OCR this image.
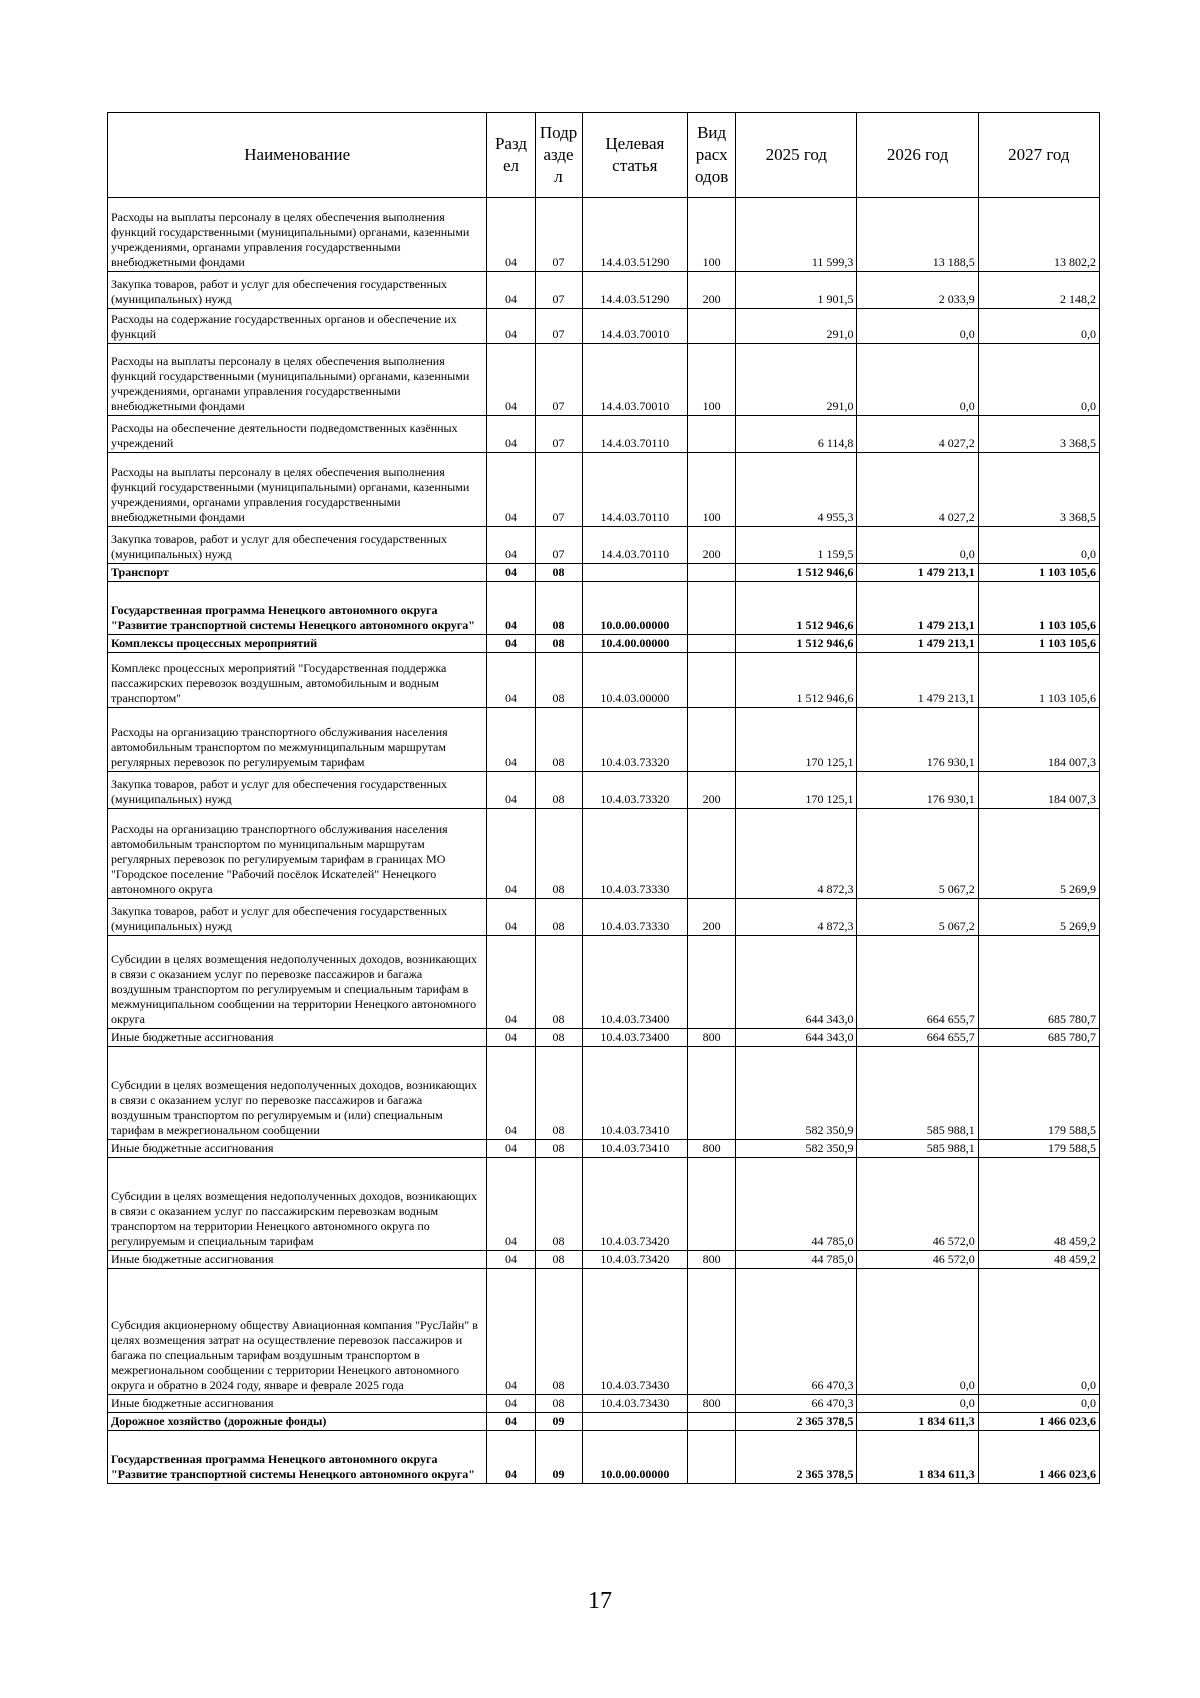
Наименование	Разд ел	Подр азде л	Целевая статья	Вид расх одов	2025 год	2026 год	2027 год
Расходы на выплаты персоналу в целях обеспечения выполнения функций государственными (муниципальными) органами, казенными учреждениями, органами управления государственными внебюджетными фондами	04	07	14.4.03.51290	100	11 599,3	13 188,5	13 802,2
Закупка товаров, работ и услуг для обеспечения государственных (муниципальных) нужд	04	07	14.4.03.51290	200	1 901,5	2 033,9	2 148,2
Расходы на содержание государственных органов и обеспечение их функций	04	07	14.4.03.70010		291,0	0,0	0,0
Расходы на выплаты персоналу в целях обеспечения выполнения функций государственными (муниципальными) органами, казенными учреждениями, органами управления государственными внебюджетными фондами	04	07	14.4.03.70010	100	291,0	0,0	0,0
Расходы на обеспечение деятельности подведомственных казённых учреждений	04	07	14.4.03.70110		6 114,8	4 027,2	3 368,5
Расходы на выплаты персоналу в целях обеспечения выполнения функций государственными (муниципальными) органами, казенными учреждениями, органами управления государственными внебюджетными фондами	04	07	14.4.03.70110	100	4 955,3	4 027,2	3 368,5
Закупка товаров, работ и услуг для обеспечения государственных (муниципальных) нужд	04	07	14.4.03.70110	200	1 159,5	0,0	0,0
Транспорт	04	08			1 512 946,6	1 479 213,1	1 103 105,6
Государственная программа Ненецкого автономного округа "Развитие транспортной системы Ненецкого автономного округа"	04	08	10.0.00.00000		1 512 946,6	1 479 213,1	1 103 105,6
Комплексы процессных мероприятий	04	08	10.4.00.00000		1 512 946,6	1 479 213,1	1 103 105,6
Комплекс процессных мероприятий "Государственная поддержка пассажирских перевозок воздушным, автомобильным и водным транспортом"	04	08	10.4.03.00000		1 512 946,6	1 479 213,1	1 103 105,6
Расходы на организацию транспортного обслуживания населения автомобильным транспортом по межмуниципальным маршрутам регулярных перевозок по регулируемым тарифам	04	08	10.4.03.73320		170 125,1	176 930,1	184 007,3
Закупка товаров, работ и услуг для обеспечения государственных (муниципальных) нужд	04	08	10.4.03.73320	200	170 125,1	176 930,1	184 007,3
Расходы на организацию транспортного обслуживания населения автомобильным транспортом по муниципальным маршрутам регулярных перевозок по регулируемым тарифам в границах МО "Городское поселение "Рабочий посёлок Искателей" Ненецкого автономного округа	04	08	10.4.03.73330		4 872,3	5 067,2	5 269,9
Закупка товаров, работ и услуг для обеспечения государственных (муниципальных) нужд	04	08	10.4.03.73330	200	4 872,3	5 067,2	5 269,9
Субсидии в целях возмещения недополученных доходов, возникающих в связи с оказанием услуг по перевозке пассажиров и багажа воздушным транспортом по регулируемым и специальным тарифам в межмуниципальном сообщении на территории Ненецкого автономного округа	04	08	10.4.03.73400		644 343,0	664 655,7	685 780,7
Иные бюджетные ассигнования	04	08	10.4.03.73400	800	644 343,0	664 655,7	685 780,7
Субсидии в целях возмещения недополученных доходов, возникающих в связи с оказанием услуг по перевозке пассажиров и багажа воздушным транспортом по регулируемым и (или) специальным тарифам в межрегиональном сообщении	04	08	10.4.03.73410		582 350,9	585 988,1	179 588,5
Иные бюджетные ассигнования	04	08	10.4.03.73410	800	582 350,9	585 988,1	179 588,5
Субсидии в целях возмещения недополученных доходов, возникающих в связи с оказанием услуг по пассажирским перевозкам водным транспортом на территории Ненецкого автономного округа по регулируемым и специальным тарифам	04	08	10.4.03.73420		44 785,0	46 572,0	48 459,2
Иные бюджетные ассигнования	04	08	10.4.03.73420	800	44 785,0	46 572,0	48 459,2
Субсидия акционерному обществу Авиационная компания "РусЛайн" в целях возмещения затрат на осуществление перевозок пассажиров и багажа по специальным тарифам воздушным транспортом в межрегиональном сообщении с территории Ненецкого автономного округа и обратно в 2024 году, январе и феврале 2025 года	04	08	10.4.03.73430		66 470,3	0,0	0,0
Иные бюджетные ассигнования	04	08	10.4.03.73430	800	66 470,3	0,0	0,0
Дорожное хозяйство (дорожные фонды)	04	09			2 365 378,5	1 834 611,3	1 466 023,6
Государственная программа Ненецкого автономного округа "Развитие транспортной системы Ненецкого автономного округа"	04	09	10.0.00.00000		2 365 378,5	1 834 611,3	1 466 023,6
17
